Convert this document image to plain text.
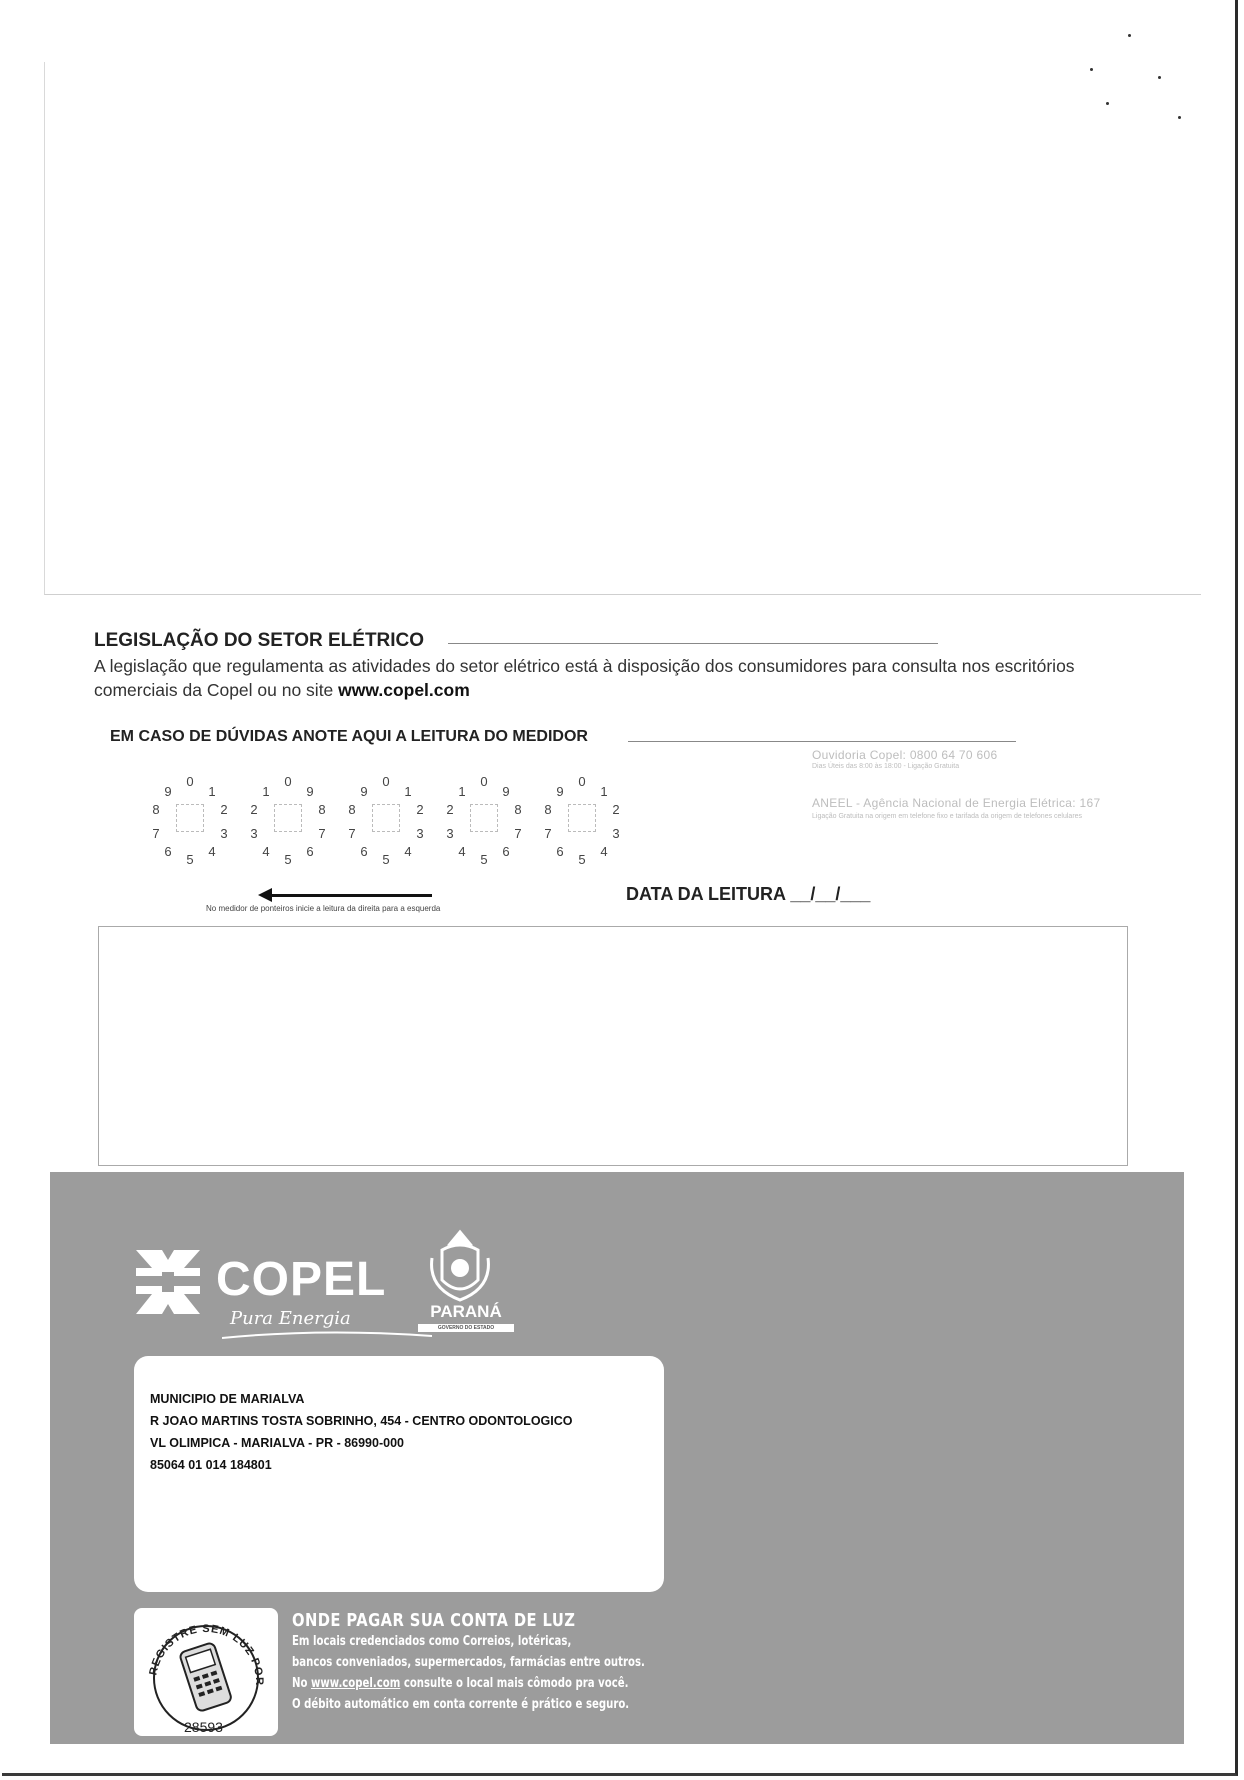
LEGISLAÇÃO DO SETOR ELÉTRICO
A legislação que regulamenta as atividades do setor elétrico está à disposição dos consumidores para consulta nos escritórios comerciais da Copel ou no site www.copel.com
EM CASO DE DÚVIDAS ANOTE AQUI A LEITURA DO MEDIDOR
0
1
2
3
4
5
6
7
8
9
0
1
2
3
4
5
6
7
8
9
0
1
2
3
4
5
6
7
8
9
0
1
2
3
4
5
6
7
8
9
0
1
2
3
4
5
6
7
8
9
Ouvidoria Copel: 0800 64 70 606
Dias Úteis das 8:00 às 18:00 - Ligação Gratuita
ANEEL - Agência Nacional de Energia Elétrica: 167
Ligação Gratuita na origem em telefone fixo e tarifada da origem de telefones celulares
No medidor de ponteiros inicie a leitura da direita para a esquerda
DATA DA LEITURA __/__/___
COPEL
Pura Energia	PARANÁ
GOVERNO DO ESTADO
MUNICIPIO DE MARIALVA
R JOAO MARTINS TOSTA SOBRINHO, 454 - CENTRO ODONTOLOGICO
VL OLIMPICA - MARIALVA - PR - 86990-000
85064 01 014 184801
REGISTRE SEM LUZ POR
28593
ONDE PAGAR SUA CONTA DE LUZ
Em locais credenciados como Correios, lotéricas,
bancos conveniados, supermercados, farmácias entre outros.
No www.copel.com consulte o local mais cômodo pra você.
O débito automático em conta corrente é prático e seguro.
